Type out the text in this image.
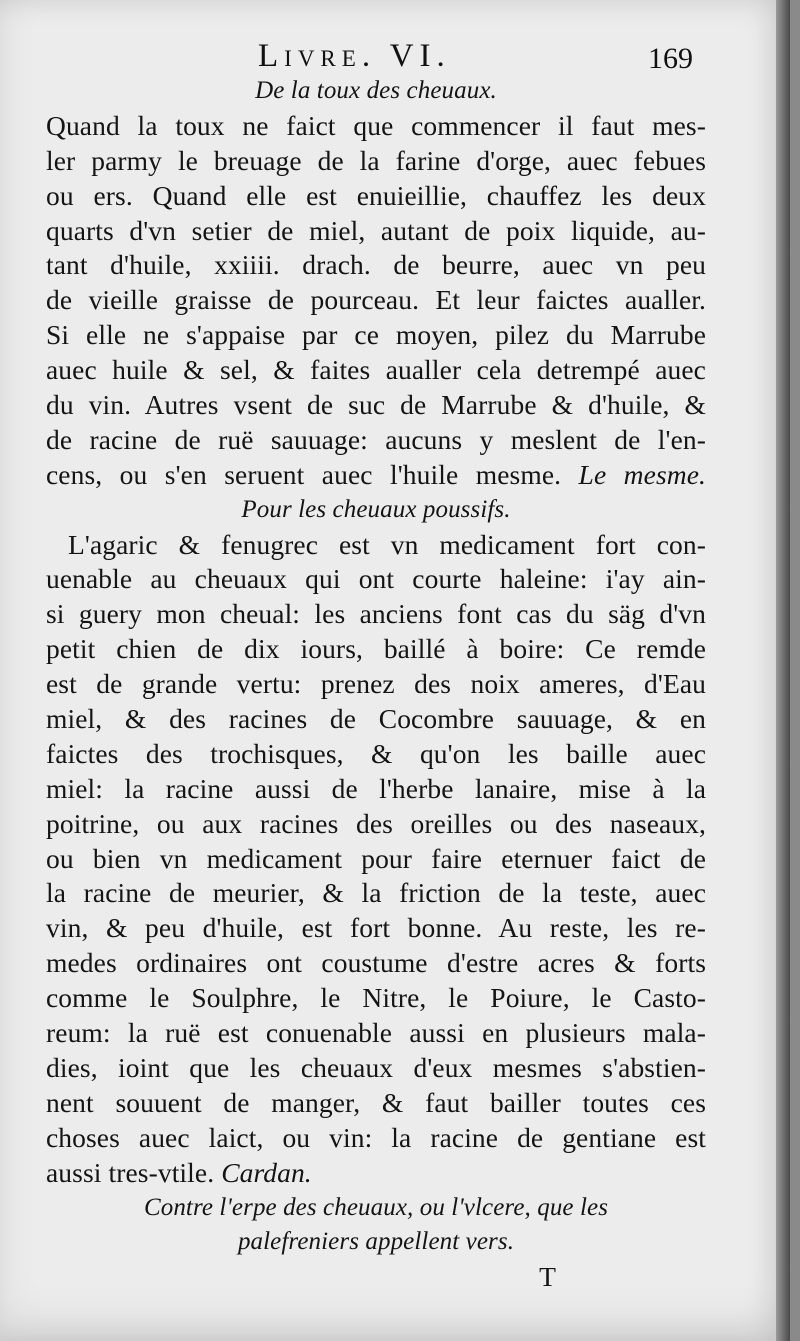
Livre. VI.	169
De la toux des cheuaux.
Quand la toux ne faict que commencer il faut mes-
ler parmy le breuage de la farine d'orge, auec febues
ou ers. Quand elle est enuieillie, chauffez les deux
quarts d'vn setier de miel, autant de poix liquide, au-
tant d'huile, xxiiii. drach. de beurre, auec vn peu
de vieille graisse de pourceau. Et leur faictes aualler.
Si elle ne s'appaise par ce moyen, pilez du Marrube
auec huile & sel, & faites aualler cela detrempé auec
du vin. Autres vsent de suc de Marrube & d'huile, &
de racine de ruë sauuage: aucuns y meslent de l'en-
cens, ou s'en seruent auec l'huile mesme. Le mesme.
Pour les cheuaux poussifs.
L'agaric & fenugrec est vn medicament fort con-
uenable au cheuaux qui ont courte haleine: i'ay ain-
si guery mon cheual: les anciens font cas du säg d'vn
petit chien de dix iours, baillé à boire: Ce remde
est de grande vertu: prenez des noix ameres, d'Eau
miel, & des racines de Cocombre sauuage, & en
faictes des trochisques, & qu'on les baille auec
miel: la racine aussi de l'herbe lanaire, mise à la
poitrine, ou aux racines des oreilles ou des naseaux,
ou bien vn medicament pour faire eternuer faict de
la racine de meurier, & la friction de la teste, auec
vin, & peu d'huile, est fort bonne. Au reste, les re-
medes ordinaires ont coustume d'estre acres & forts
comme le Soulphre, le Nitre, le Poiure, le Casto-
reum: la ruë est conuenable aussi en plusieurs mala-
dies, ioint que les cheuaux d'eux mesmes s'abstien-
nent souuent de manger, & faut bailler toutes ces
choses auec laict, ou vin: la racine de gentiane est
aussi tres-vtile. Cardan.
Contre l'erpe des cheuaux, ou l'vlcere, que les
palefreniers appellent vers.
T
